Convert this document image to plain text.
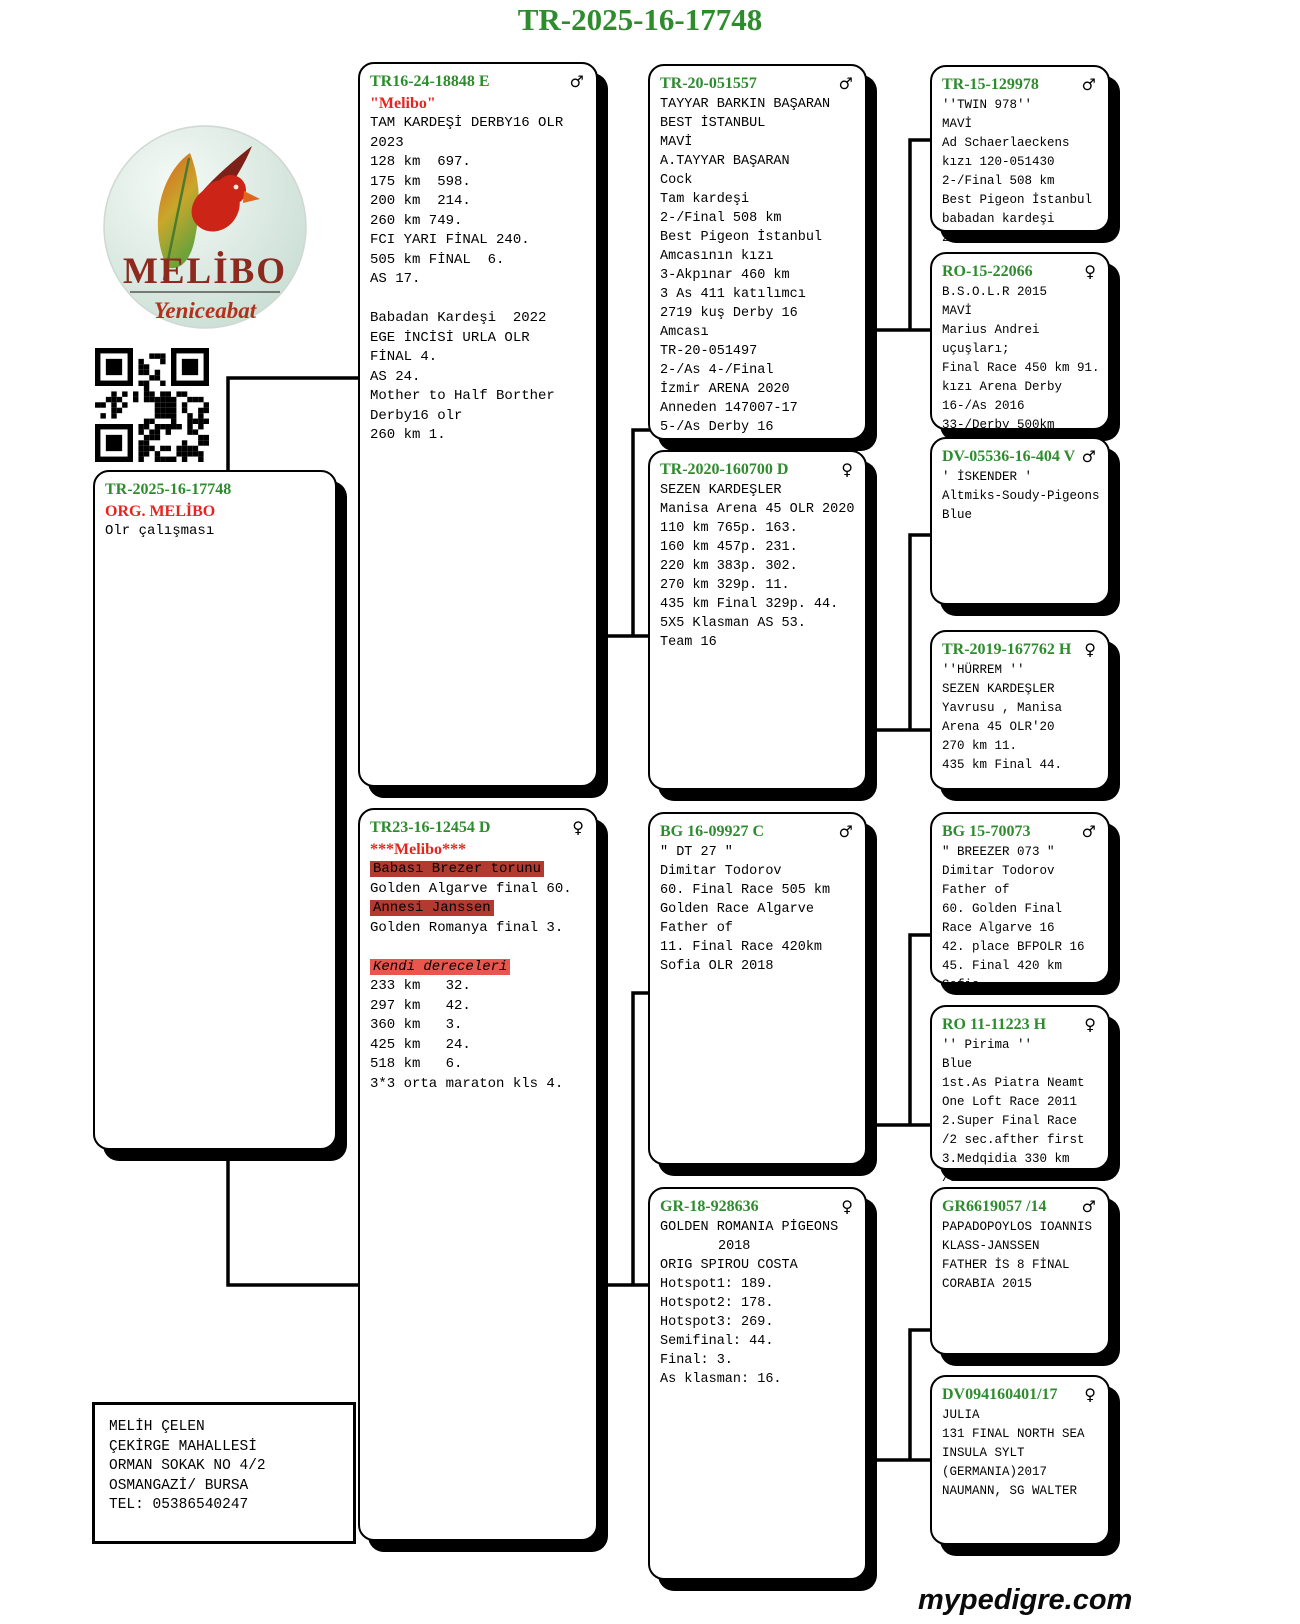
TR-2025-16-17748
MELİBO
Yeniceabat
TR-2025-16-17748
ORG. MELİBO
Olr çalışması
TR16-24-18848 E	♂
"Melibo"
TAM KARDEŞİ DERBY16 OLR
2023
128 km  697.
175 km  598.
200 km  214.
260 km 749.
FCI YARI FİNAL 240.
505 km FİNAL  6.
AS 17.

Babadan Kardeşi  2022
EGE İNCİSİ URLA OLR
FİNAL 4.
AS 24.
Mother to Half Borther
Derby16 olr
260 km 1.
TR-20-051557	♂
TAYYAR BARKIN BAŞARAN
BEST İSTANBUL
MAVİ
A.TAYYAR BAŞARAN
Cock
Tam kardeşi
2-/Final 508 km
Best Pigeon İstanbul
Amcasının kızı
3-Akpınar 460 km
3 As 411 katılımcı
2719 kuş Derby 16
Amcası
TR-20-051497
2-/As 4-/Final
İzmir ARENA 2020
Anneden 147007-17
5-/As Derby 16
TR-15-129978	♂
''TWIN 978''
MAVİ
Ad Schaerlaeckens
kızı 120-051430
2-/Final 508 km
Best Pigeon İstanbul
babadan kardeşi
20-51497
RO-15-22066	♀
B.S.O.L.R 2015
MAVİ
Marius Andrei
uçuşları;
Final Race 450 km 91.
kızı Arena Derby
16-/As 2016
33-/Derby 500km
TR-2020-160700 D	♀
SEZEN KARDEŞLER
Manisa Arena 45 OLR 2020
110 km 765p. 163.
160 km 457p. 231.
220 km 383p. 302.
270 km 329p. 11.
435 km Final 329p. 44.
5X5 Klasman AS 53.
Team 16
DV-05536-16-404 V ♂
' İSKENDER '
Altmiks-Soudy-Pigeons
Blue
TR-2019-167762 H ♀
''HÜRREM ''
SEZEN KARDEŞLER
Yavrusu , Manisa
Arena 45 OLR'20
270 km 11.
435 km Final 44.
TR23-16-12454 D	♀
***Melibo***
Babası Brezer torunu
Golden Algarve final 60.
Annesi Janssen
Golden Romanya final 3.

Kendi dereceleri
233 km   32.
297 km   42.
360 km   3.
425 km   24.
518 km   6.
3*3 orta maraton kls 4.
BG 16-09927 C	♂
" DT 27 "
Dimitar Todorov
60. Final Race 505 km
Golden Race Algarve
Father of
11. Final Race 420km
Sofia OLR 2018
BG 15-70073	♂
" BREEZER 073 "
Dimitar Todorov
Father of
60. Golden Final
Race Algarve 16
42. place BFPOLR 16
45. Final 420 km
Sofia
RO 11-11223 H	♀
'' Pirima ''
Blue
1st.As Piatra Neamt
One Loft Race 2011
2.Super Final Race
/2 sec.afther first
3.Medqidia 330 km
/8 sec.after first
GR-18-928636	♀
GOLDEN ROMANIA PİGEONS
2018
ORIG SPIROU COSTA
Hotspot1: 189.
Hotspot2: 178.
Hotspot3: 269.
Semifinal: 44.
Final: 3.
As klasman: 16.
GR6619057 /14	♂
PAPADOPOYLOS IOANNIS
KLASS-JANSSEN
FATHER İS 8 FİNAL
CORABIA 2015
DV094160401/17	♀
JULIA
131 FINAL NORTH SEA
INSULA SYLT
(GERMANIA)2017
NAUMANN, SG WALTER
MELİH ÇELEN
ÇEKİRGE MAHALLESİ
ORMAN SOKAK NO 4/2
OSMANGAZİ/ BURSA
TEL: 05386540247
mypedigre.com
